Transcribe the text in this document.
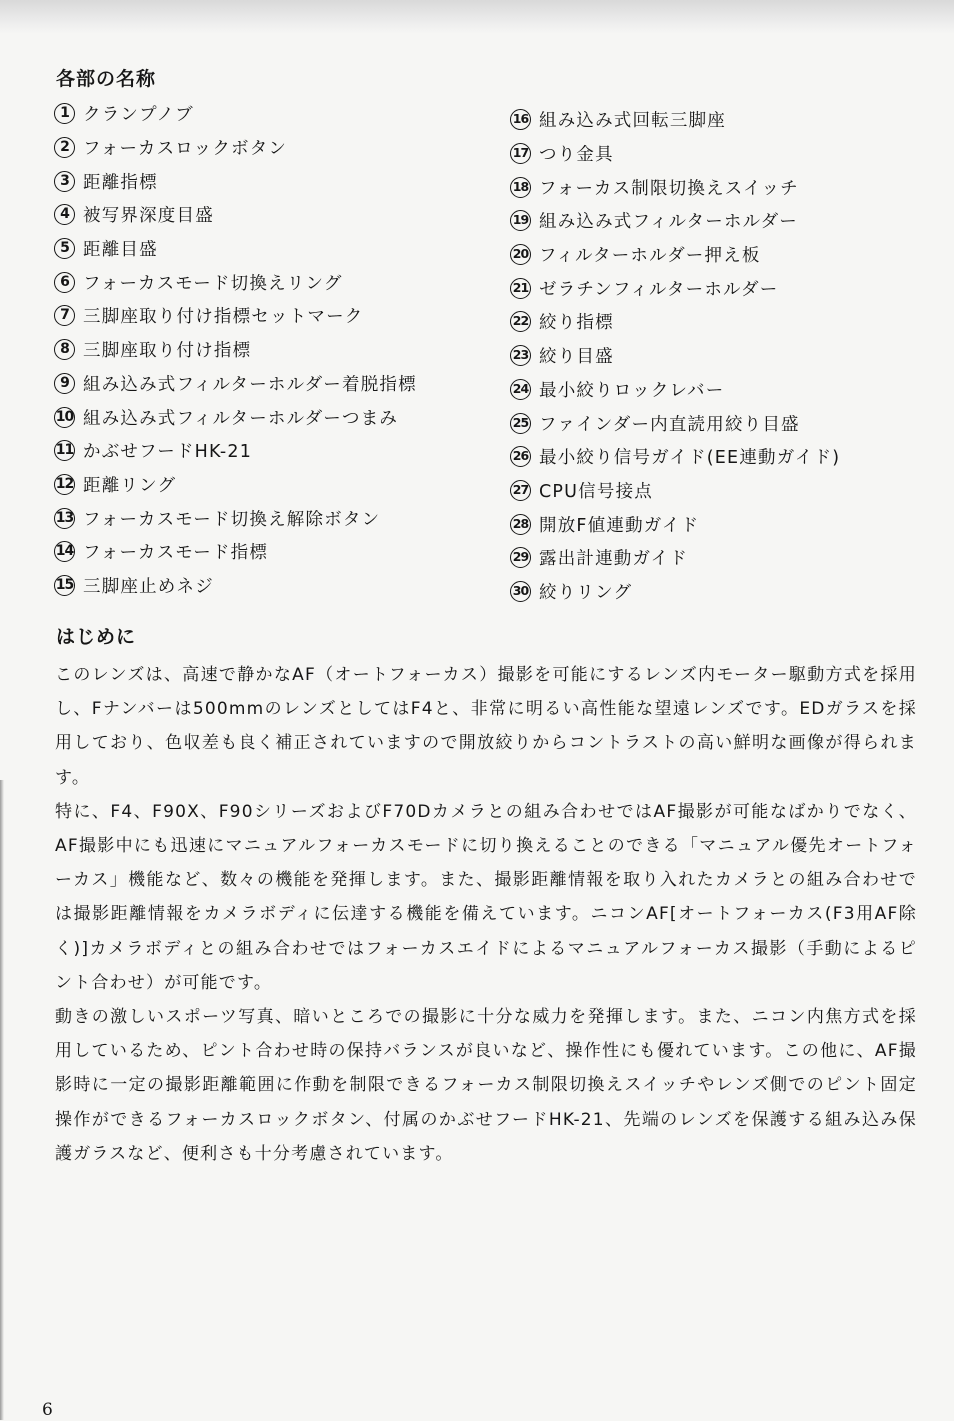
各部の名称
1 クランプノブ
2 フォーカスロックボタン
3 距離指標
4 被写界深度目盛
5 距離目盛
6 フォーカスモード切換えリング
7 三脚座取り付け指標セットマーク
8 三脚座取り付け指標
9 組み込み式フィルターホルダー着脱指標
10 組み込み式フィルターホルダーつまみ
11 かぶせフードHK-21
12 距離リング
13 フォーカスモード切換え解除ボタン
14 フォーカスモード指標
15 三脚座止めネジ
16 組み込み式回転三脚座
17 つり金具
18 フォーカス制限切換えスイッチ
19 組み込み式フィルターホルダー
20 フィルターホルダー押え板
21 ゼラチンフィルターホルダー
22 絞り指標
23 絞り目盛
24 最小絞りロックレバー
25 ファインダー内直読用絞り目盛
26 最小絞り信号ガイド(EE連動ガイド)
27 CPU信号接点
28 開放F値連動ガイド
29 露出計連動ガイド
30 絞りリング
はじめに

このレンズは、高速で静かなAF（オートフォーカス）撮影を可能にするレンズ内モーター駆動方式を採用し、Fナンバーは500mmのレンズとしてはF4と、非常に明るい高性能な望遠レンズです。EDガラスを採用しており、色収差も良く補正されていますので開放絞りからコントラストの高い鮮明な画像が得られます。

特に、F4、F90X、F90シリーズおよびF70Dカメラとの組み合わせではAF撮影が可能なばかりでなく、AF撮影中にも迅速にマニュアルフォーカスモードに切り換えることのできる「マニュアル優先オートフォーカス」機能など、数々の機能を発揮します。また、撮影距離情報を取り入れたカメラとの組み合わせでは撮影距離情報をカメラボディに伝達する機能を備えています。ニコンAF[オートフォーカス(F3用AF除く)]カメラボディとの組み合わせではフォーカスエイドによるマニュアルフォーカス撮影（手動によるピント合わせ）が可能です。

動きの激しいスポーツ写真、暗いところでの撮影に十分な威力を発揮します。また、ニコン内焦方式を採用しているため、ピント合わせ時の保持バランスが良いなど、操作性にも優れています。この他に、AF撮影時に一定の撮影距離範囲に作動を制限できるフォーカス制限切換えスイッチやレンズ側でのピント固定操作ができるフォーカスロックボタン、付属のかぶせフードHK-21、先端のレンズを保護する組み込み保護ガラスなど、便利さも十分考慮されています。

6
